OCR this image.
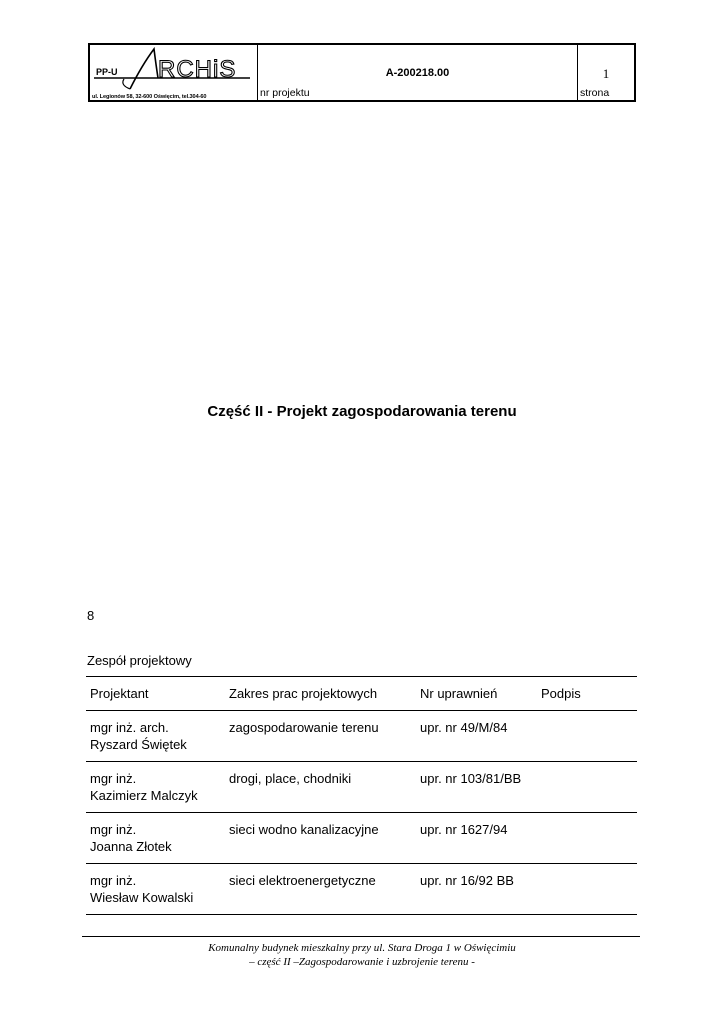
PP-U RCHiS
ul. Legionów 58, 32-600 Oświęcim, tel.304-60
A-200218.00
nr projektu
1
strona
Część II - Projekt zagospodarowania terenu
8
Zespół projektowy
Projektant	Zakres prac projektowych	Nr uprawnień	Podpis
mgr inż. arch.
Ryszard Świętek	zagospodarowanie terenu	upr. nr 49/M/84	
mgr inż.
Kazimierz Malczyk	drogi, place, chodniki	upr. nr 103/81/BB	
mgr inż.
Joanna Złotek	sieci wodno kanalizacyjne	upr. nr 1627/94	
mgr inż.
Wiesław Kowalski	sieci elektroenergetyczne	upr. nr 16/92 BB	
Komunalny budynek mieszkalny przy ul. Stara Droga 1 w Oświęcimiu
– część II –Zagospodarowanie i uzbrojenie terenu -
